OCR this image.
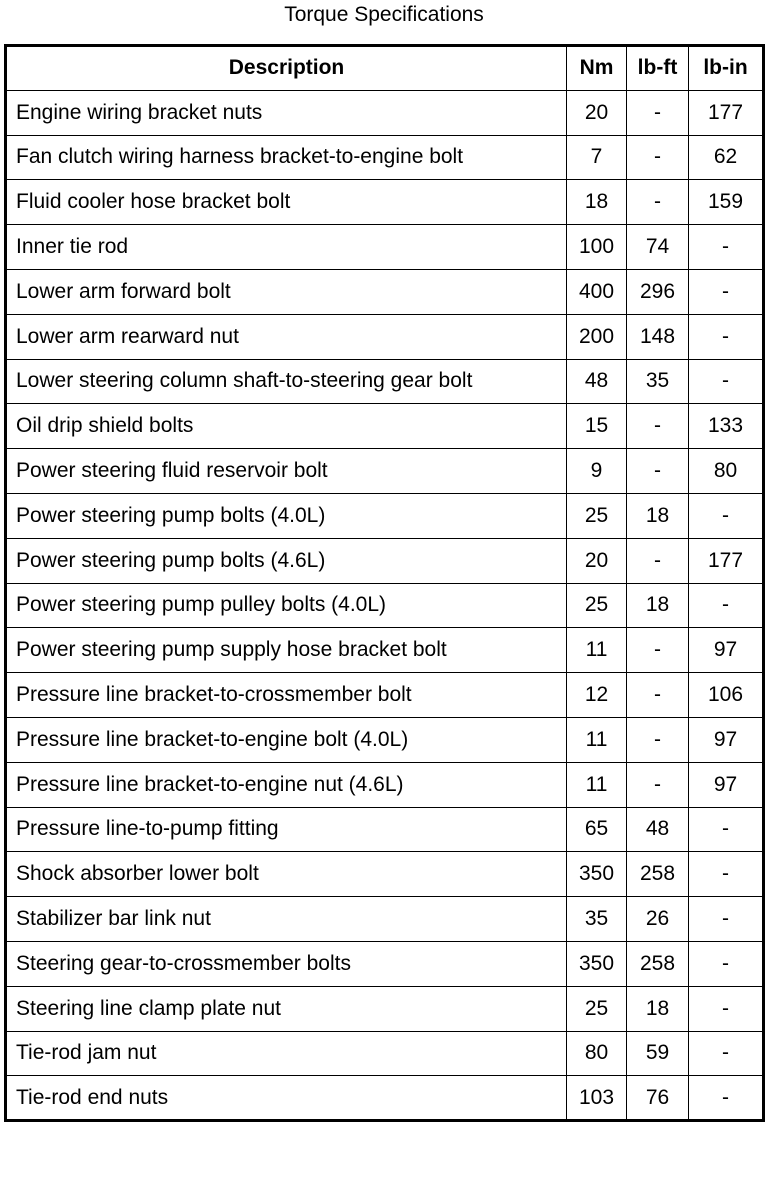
Torque Specifications
Description	Nm	lb-ft	lb-in
Engine wiring bracket nuts	20	-	177
Fan clutch wiring harness bracket-to-engine bolt	7	-	62
Fluid cooler hose bracket bolt	18	-	159
Inner tie rod	100	74	-
Lower arm forward bolt	400	296	-
Lower arm rearward nut	200	148	-
Lower steering column shaft-to-steering gear bolt	48	35	-
Oil drip shield bolts	15	-	133
Power steering fluid reservoir bolt	9	-	80
Power steering pump bolts (4.0L)	25	18	-
Power steering pump bolts (4.6L)	20	-	177
Power steering pump pulley bolts (4.0L)	25	18	-
Power steering pump supply hose bracket bolt	11	-	97
Pressure line bracket-to-crossmember bolt	12	-	106
Pressure line bracket-to-engine bolt (4.0L)	11	-	97
Pressure line bracket-to-engine nut (4.6L)	11	-	97
Pressure line-to-pump fitting	65	48	-
Shock absorber lower bolt	350	258	-
Stabilizer bar link nut	35	26	-
Steering gear-to-crossmember bolts	350	258	-
Steering line clamp plate nut	25	18	-
Tie-rod jam nut	80	59	-
Tie-rod end nuts	103	76	-
